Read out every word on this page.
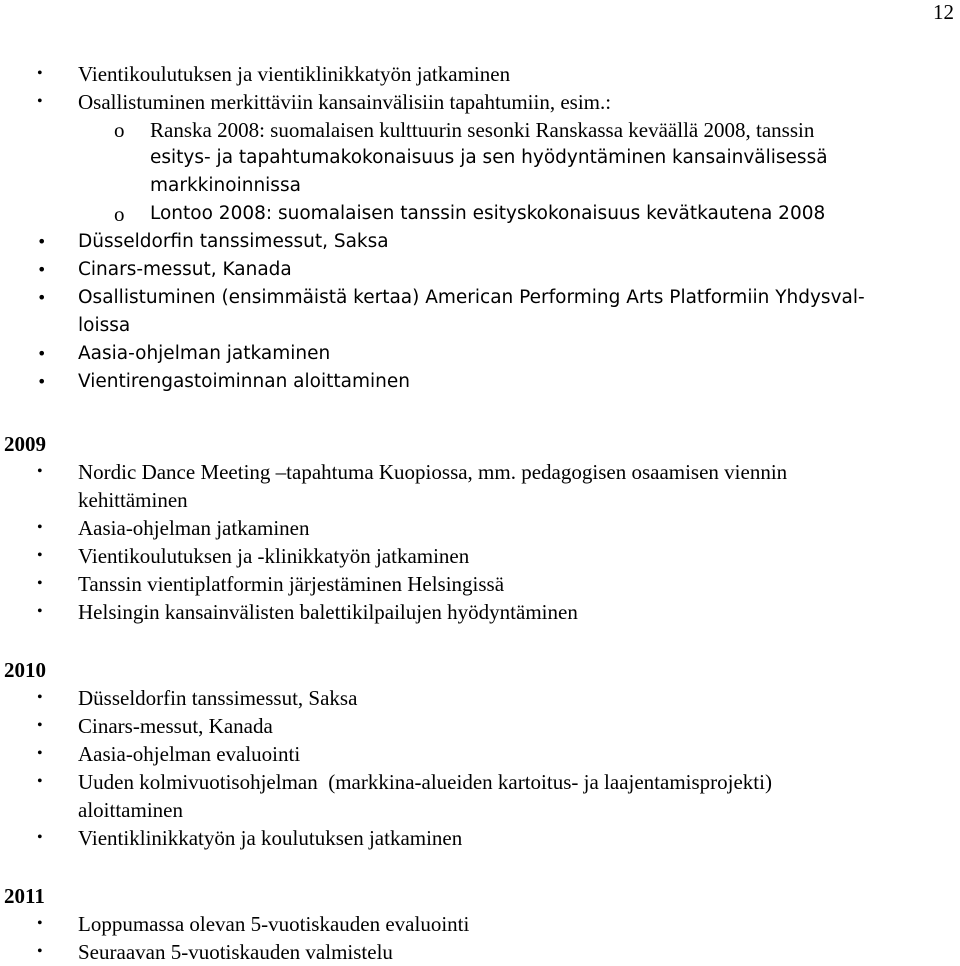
12
• Vientikoulutuksen ja vientiklinikkatyön jatkaminen
• Osallistuminen merkittäviin kansainvälisiin tapahtumiin, esim.:
o Ranska 2008: suomalaisen kulttuurin sesonki Ranskassa keväällä 2008, tanssin
esitys- ja tapahtumakokonaisuus ja sen hyödyntäminen kansainvälisessä
markkinoinnissa
o Lontoo 2008: suomalaisen tanssin esityskokonaisuus kevätkautena 2008
• Düsseldorfin tanssimessut, Saksa
• Cinars-messut, Kanada
• Osallistuminen (ensimmäistä kertaa) American Performing Arts Platformiin Yhdysval-
loissa
• Aasia-ohjelman jatkaminen
• Vientirengastoiminnan aloittaminen
2009
• Nordic Dance Meeting –tapahtuma Kuopiossa, mm. pedagogisen osaamisen viennin
kehittäminen
• Aasia-ohjelman jatkaminen
• Vientikoulutuksen ja -klinikkatyön jatkaminen
• Tanssin vientiplatformin järjestäminen Helsingissä
• Helsingin kansainvälisten balettikilpailujen hyödyntäminen
2010
• Düsseldorfin tanssimessut, Saksa
• Cinars-messut, Kanada
• Aasia-ohjelman evaluointi
• Uuden kolmivuotisohjelman  (markkina-alueiden kartoitus- ja laajentamisprojekti)
aloittaminen
• Vientiklinikkatyön ja koulutuksen jatkaminen
2011
• Loppumassa olevan 5-vuotiskauden evaluointi
• Seuraavan 5-vuotiskauden valmistelu
